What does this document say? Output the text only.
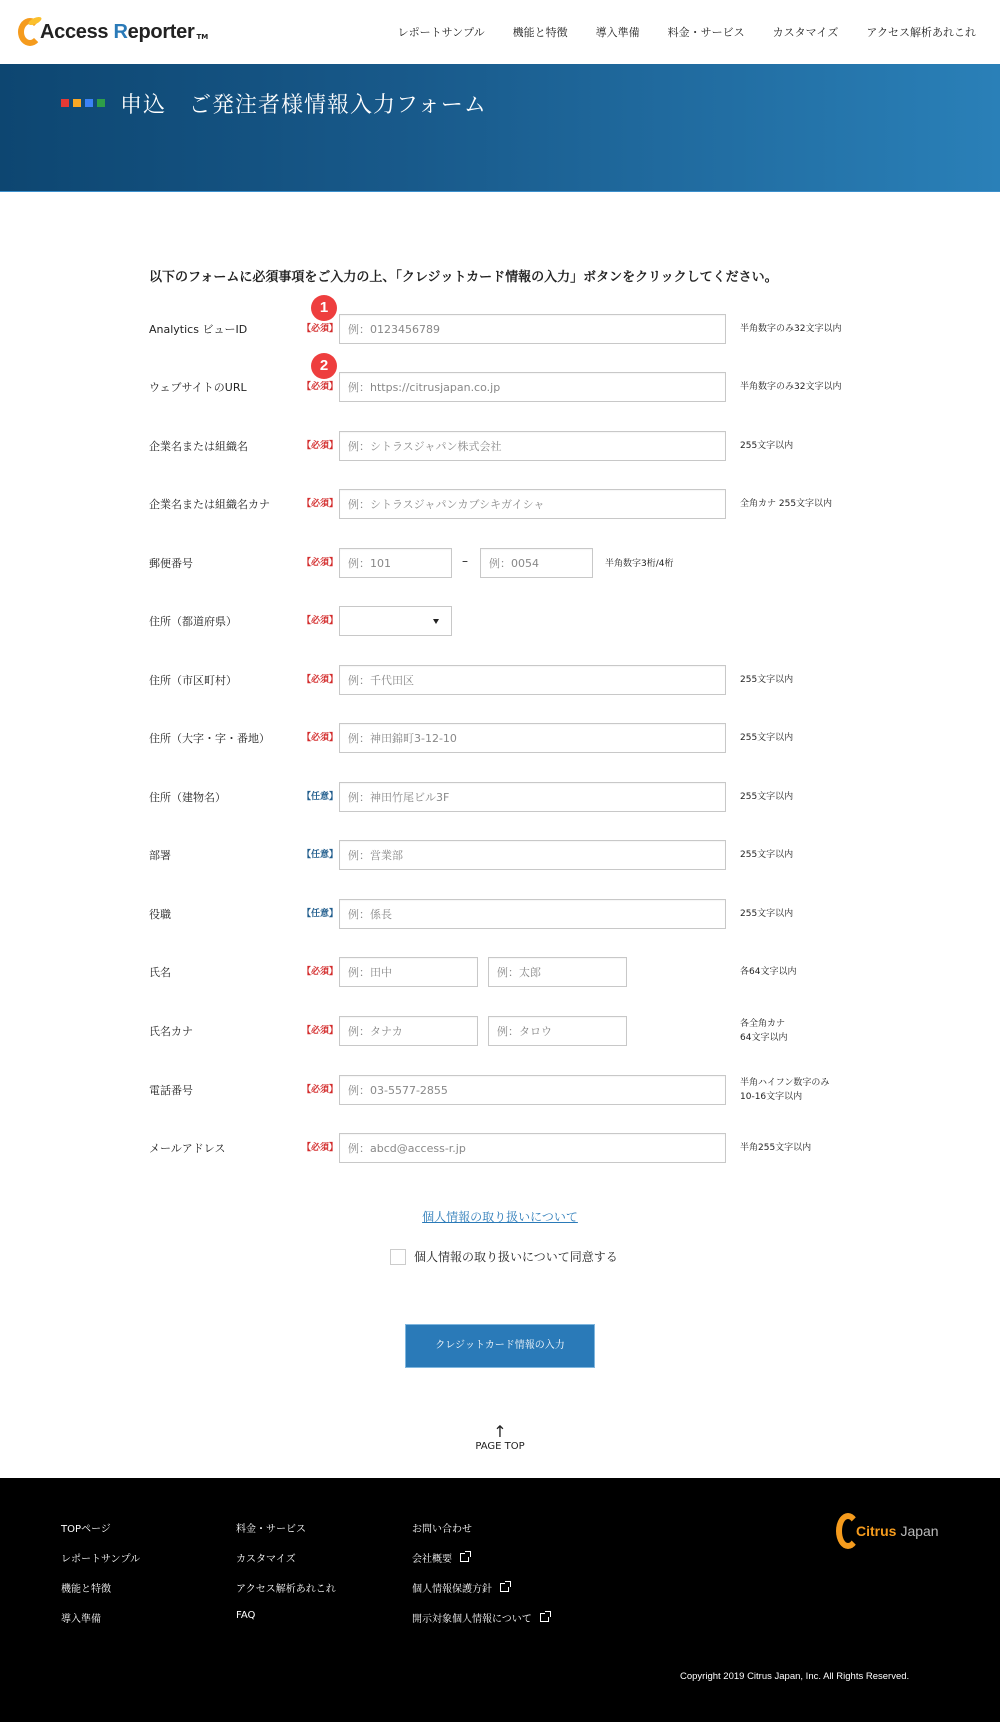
Access Reporter TM	レポートサンプル	機能と特徴	導入準備	料金・サービス	カスタマイズ	アクセス解析あれこれ
申込　ご発注者様情報入力フォーム

以下のフォームに必須事項をご入力の上、「クレジットカード情報の入力」ボタンをクリックしてください。

1
2
Analytics ビューID	【必須】
例：0123456789	半角数字のみ32文字以内
ウェブサイトのURL	【必須】
例：https://citrusjapan.co.jp	半角数字のみ32文字以内
企業名または組織名	【必須】
例：シトラスジャパン株式会社	255文字以内
企業名または組織名カナ	【必須】
例：シトラスジャパンカブシキガイシャ	全角カナ 255文字以内
郵便番号	【必須】
例：101	–
例：0054	半角数字3桁/4桁
住所（都道府県）	【必須】
住所（市区町村）	【必須】
例：千代田区	255文字以内
住所（大字・字・番地）	【必須】
例：神田錦町3-12-10	255文字以内
住所（建物名）	【任意】
例：神田竹尾ビル3F	255文字以内
部署	【任意】
例：営業部	255文字以内
役職	【任意】
例：係長	255文字以内
氏名	【必須】
例：田中
例：太郎	各64文字以内
氏名カナ	【必須】
例：タナカ
例：タロウ
各全角カナ
64文字以内
電話番号	【必須】
例：03-5577-2855
半角ハイフン数字のみ
10-16文字以内
メールアドレス	【必須】
例：abcd@access-r.jp	半角255文字以内
個人情報の取り扱いについて
個人情報の取り扱いについて同意する
クレジットカード情報の入力
↑
PAGE TOP
TOPページ
レポートサンプル
機能と特徴
導入準備
料金・サービス
カスタマイズ
アクセス解析あれこれ
FAQ
お問い合わせ
会社概要
個人情報保護方針
開示対象個人情報について
Citrus Japan

Copyright 2019 Citrus Japan, Inc. All Rights Reserved.
